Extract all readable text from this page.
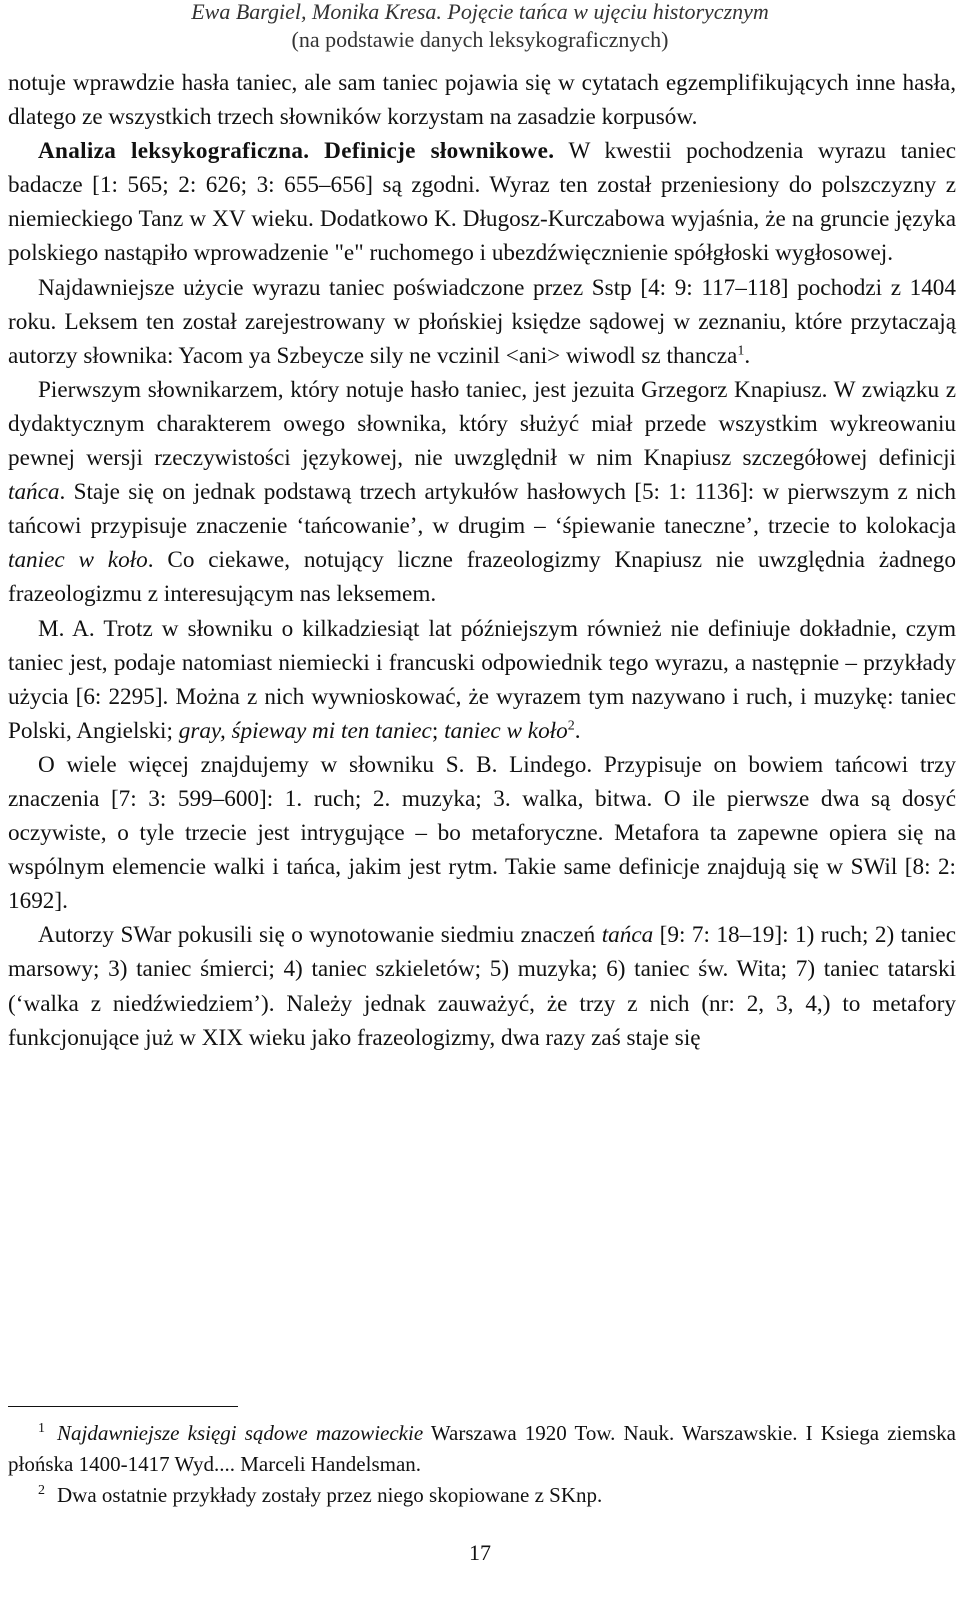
Ewa Bargiel, Monika Kresa. Pojęcie tańca w ujęciu historycznym
(na podstawie danych leksykograficznych)

notuje wprawdzie hasła taniec, ale sam taniec pojawia się w cytatach egzemplifikujących inne hasła, dlatego ze wszystkich trzech słowników korzystam na zasadzie korpusów.

Analiza leksykograficzna. Definicje słownikowe. W kwestii pochodzenia wyrazu taniec badacze [1: 565; 2: 626; 3: 655–656] są zgodni. Wyraz ten został przeniesiony do polszczyzny z niemieckiego Tanz w XV wieku. Dodatkowo K. Długosz-Kurczabowa wyjaśnia, że na gruncie języka polskiego nastąpiło wprowadzenie "e" ruchomego i ubezdźwięcznienie spółgłoski wygłosowej.

Najdawniejsze użycie wyrazu taniec poświadczone przez Sstp [4: 9: 117–118] pochodzi z 1404 roku. Leksem ten został zarejestrowany w płońskiej księdze sądowej w zeznaniu, które przytaczają autorzy słownika: Yacom ya Szbeycze sily ne vczinil <ani> wiwodl sz thancza$^1$.

Pierwszym słownikarzem, który notuje hasło taniec, jest jezuita Grzegorz Knapiusz. W związku z dydaktycznym charakterem owego słownika, który służyć miał przede wszystkim wykreowaniu pewnej wersji rzeczywistości językowej, nie uwzględnił w nim Knapiusz szczegółowej definicji tańca. Staje się on jednak podstawą trzech artykułów hasłowych [5: 1: 1136]: w pierwszym z nich tańcowi przypisuje znaczenie ‘tańcowanie’, w drugim – ‘śpiewanie taneczne’, trzecie to kolokacja taniec w koło. Co ciekawe, notujący liczne frazeologizmy Knapiusz nie uwzględnia żadnego frazeologizmu z interesującym nas leksemem.

M. A. Trotz w słowniku o kilkadziesiąt lat późniejszym również nie definiuje dokładnie, czym taniec jest, podaje natomiast niemiecki i francuski odpowiednik tego wyrazu, a następnie – przykłady użycia [6: 2295]. Można z nich wywnioskować, że wyrazem tym nazywano i ruch, i muzykę: taniec Polski, Angielski; gray, śpieway mi ten taniec; taniec w koło$^2$.

O wiele więcej znajdujemy w słowniku S. B. Lindego. Przypisuje on bowiem tańcowi trzy znaczenia [7: 3: 599–600]: 1. ruch; 2. muzyka; 3. walka, bitwa. O ile pierwsze dwa są dosyć oczywiste, o tyle trzecie jest intrygujące – bo metaforyczne. Metafora ta zapewne opiera się na wspólnym elemencie walki i tańca, jakim jest rytm. Takie same definicje znajdują się w SWil [8: 2: 1692].

Autorzy SWar pokusili się o wynotowanie siedmiu znaczeń tańca [9: 7: 18–19]: 1) ruch; 2) taniec marsowy; 3) taniec śmierci; 4) taniec szkieletów; 5) muzyka; 6) taniec św. Wita; 7) taniec tatarski (‘walka z niedźwiedziem’). Należy jednak zauważyć, że trzy z nich (nr: 2, 3, 4,) to metafory funkcjonujące już w XIX wieku jako frazeologizmy, dwa razy zaś staje się

$^1$ Najdawniejsze księgi sądowe mazowieckie Warszawa 1920 Tow. Nauk. Warszawskie. I Ksiega ziemska płońska 1400-1417 Wyd.... Marceli Handelsman.

$^2$ Dwa ostatnie przykłady zostały przez niego skopiowane z SKnp.

17
